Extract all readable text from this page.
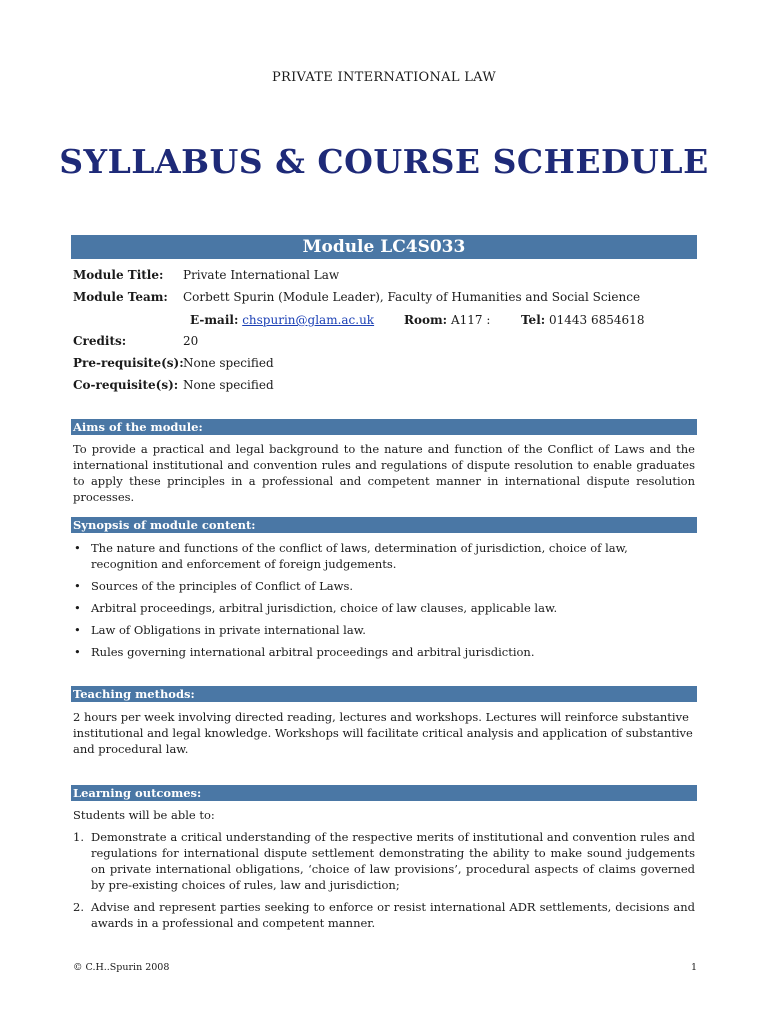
PRIVATE INTERNATIONAL LAW
SYLLABUS & COURSE SCHEDULE
Module LC4S033
Module Title: Private International Law
Module Team: Corbett Spurin (Module Leader), Faculty of Humanities and Social Science
E-mail: chspurin@glam.ac.uk Room: A117 :	Tel: 01443 6854618
Credits:	20
Pre-requisite(s): None specified
Co-requisite(s): None specified
Aims of the module:
To provide a practical and legal background to the nature and function of the Conflict of Laws and the international institutional and convention rules and regulations of dispute resolution to enable graduates to apply these principles in a professional and competent manner in international dispute resolution processes.
Synopsis of module content:
• The nature and functions of the conflict of laws, determination of jurisdiction, choice of law, recognition and enforcement of foreign judgements.
• Sources of the principles of Conflict of Laws.
• Arbitral proceedings, arbitral jurisdiction, choice of law clauses, applicable law.
• Law of Obligations in private international law.
• Rules governing international arbitral proceedings and arbitral jurisdiction.
Teaching methods:
2 hours per week involving directed reading, lectures and workshops. Lectures will reinforce substantive institutional and legal knowledge. Workshops will facilitate critical analysis and application of substantive and procedural law.
Learning outcomes:
Students will be able to:
1. Demonstrate a critical understanding of the respective merits of institutional and convention rules and regulations for international dispute settlement demonstrating the ability to make sound judgements on private international obligations, ‘choice of law provisions’, procedural aspects of claims governed by pre-existing choices of rules, law and jurisdiction;
2. Advise and represent parties seeking to enforce or resist international ADR settlements, decisions and awards in a professional and competent manner.
© C.H..Spurin 2008	1
